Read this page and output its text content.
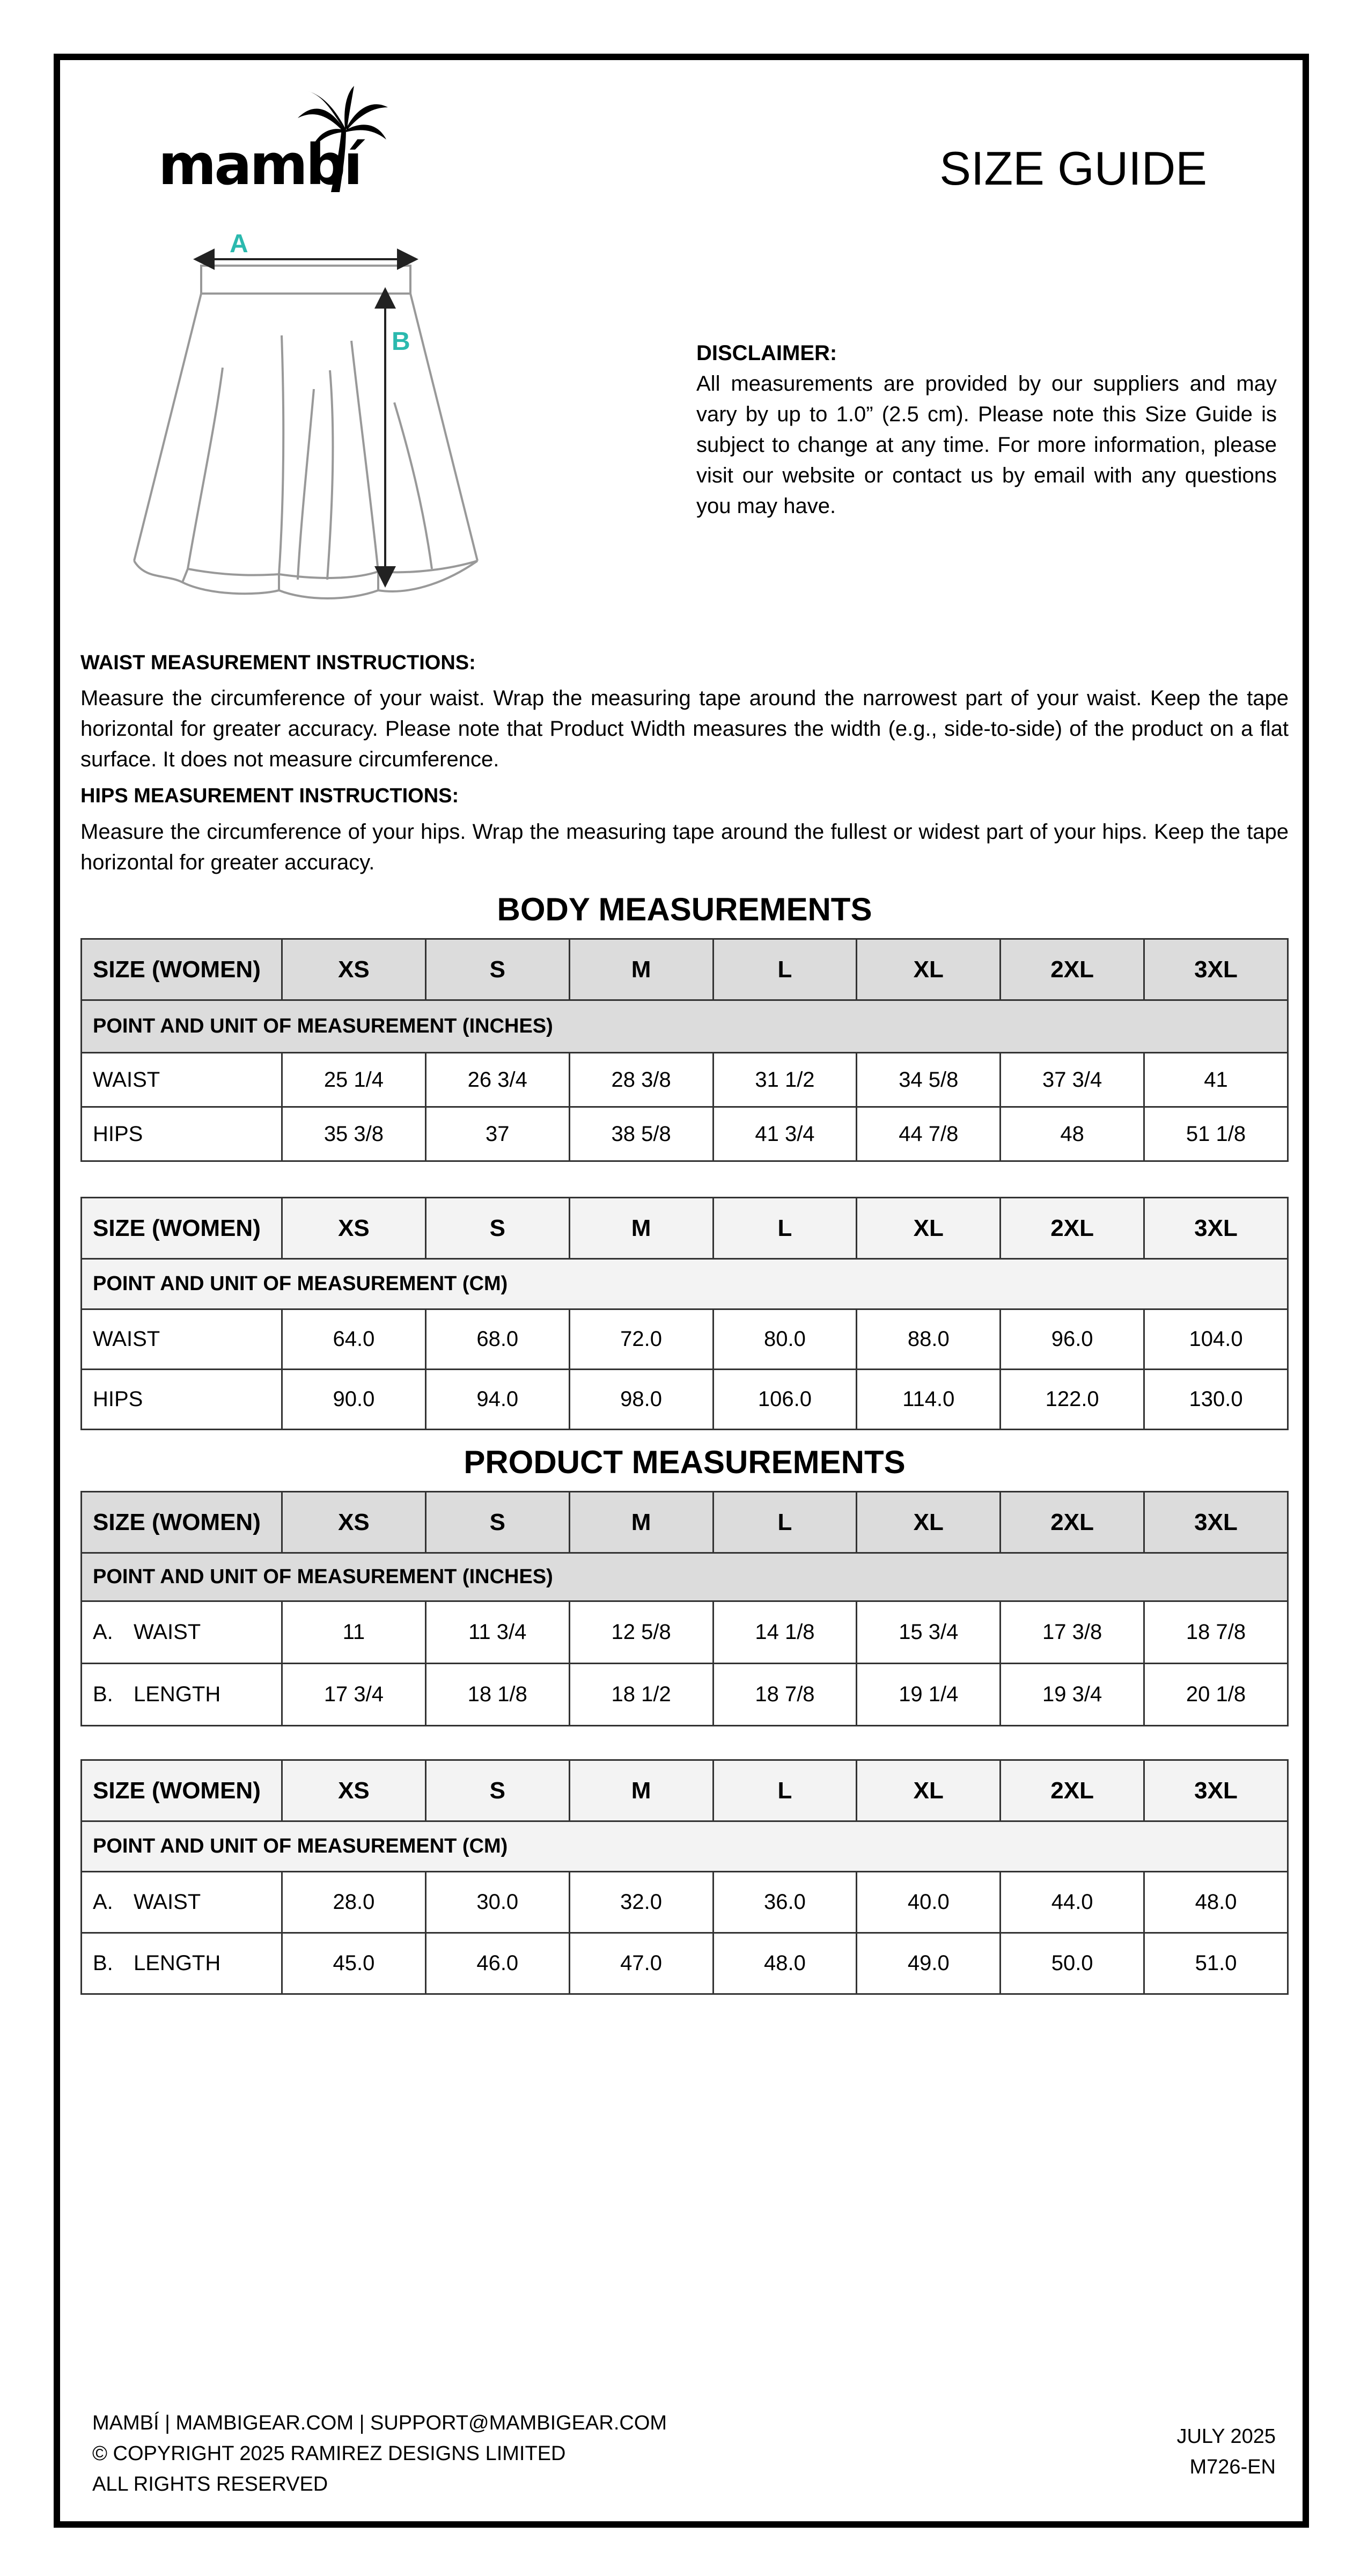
mambí	SIZE GUIDE
A
B	DISCLAIMER:
All measurements are provided by our suppliers and may vary by up to 1.0” (2.5 cm). Please note this Size Guide is subject to change at any time. For more information, please visit our website or contact us by email with any questions you may have.
WAIST MEASUREMENT INSTRUCTIONS:
Measure the circumference of your waist. Wrap the measuring tape around the narrowest part of your waist. Keep the tape horizontal for greater accuracy. Please note that Product Width measures the width (e.g., side-to-side) of the product on a flat surface. It does not measure circumference.
HIPS MEASUREMENT INSTRUCTIONS:
Measure the circumference of your hips. Wrap the measuring tape around the fullest or widest part of your hips. Keep the tape horizontal for greater accuracy.
BODY MEASUREMENTS
SIZE (WOMEN)	XS	S	M	L	XL	2XL	3XL
POINT AND UNIT OF MEASUREMENT (INCHES)							
WAIST	25 1/4	26 3/4	28 3/8	31 1/2	34 5/8	37 3/4	41
HIPS	35 3/8	37	38 5/8	41 3/4	44 7/8	48	51 1/8
SIZE (WOMEN)	XS	S	M	L	XL	2XL	3XL
POINT AND UNIT OF MEASUREMENT (CM)							
WAIST	64.0	68.0	72.0	80.0	88.0	96.0	104.0
HIPS	90.0	94.0	98.0	106.0	114.0	122.0	130.0
PRODUCT MEASUREMENTS
SIZE (WOMEN)	XS	S	M	L	XL	2XL	3XL
POINT AND UNIT OF MEASUREMENT (INCHES)							
A. WAIST	11	11 3/4	12 5/8	14 1/8	15 3/4	17 3/8	18 7/8
B. LENGTH	17 3/4	18 1/8	18 1/2	18 7/8	19 1/4	19 3/4	20 1/8
SIZE (WOMEN)	XS	S	M	L	XL	2XL	3XL
POINT AND UNIT OF MEASUREMENT (CM)							
A. WAIST	28.0	30.0	32.0	36.0	40.0	44.0	48.0
B. LENGTH	45.0	46.0	47.0	48.0	49.0	50.0	51.0
MAMBÍ | MAMBIGEAR.COM | SUPPORT@MAMBIGEAR.COM
© COPYRIGHT 2025 RAMIREZ DESIGNS LIMITED
ALL RIGHTS RESERVED
JULY 2025
M726-EN
